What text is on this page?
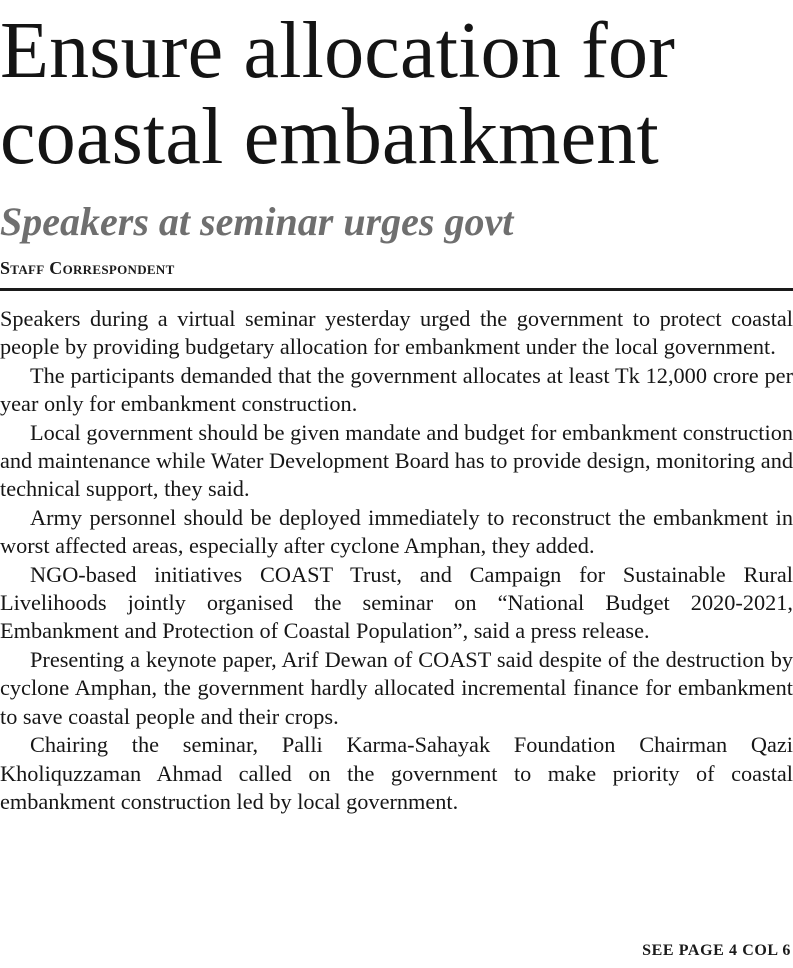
Ensure allocation for coastal embankment
Speakers at seminar urges govt
Staff Correspondent

Speakers during a virtual seminar yesterday urged the government to protect coastal people by providing budgetary allocation for embankment under the local government.

The participants demanded that the government allocates at least Tk 12,000 crore per year only for embankment construction.

Local government should be given mandate and budget for embankment construction and maintenance while Water Development Board has to provide design, monitoring and technical support, they said.

Army personnel should be deployed immediately to reconstruct the embankment in worst affected areas, especially after cyclone Amphan, they added.

NGO-based initiatives COAST Trust, and Campaign for Sustainable Rural Livelihoods jointly organised the seminar on “National Budget 2020-2021, Embankment and Protection of Coastal Population”, said a press release.

Presenting a keynote paper, Arif Dewan of COAST said despite of the destruction by cyclone Amphan, the government hardly allocated incremental finance for embankment to save coastal people and their crops.

Chairing the seminar, Palli Karma-Sahayak Foundation Chairman Qazi Kholiquzzaman Ahmad called on the government to make priority of coastal embankment construction led by local government.

SEE PAGE 4 COL 6
